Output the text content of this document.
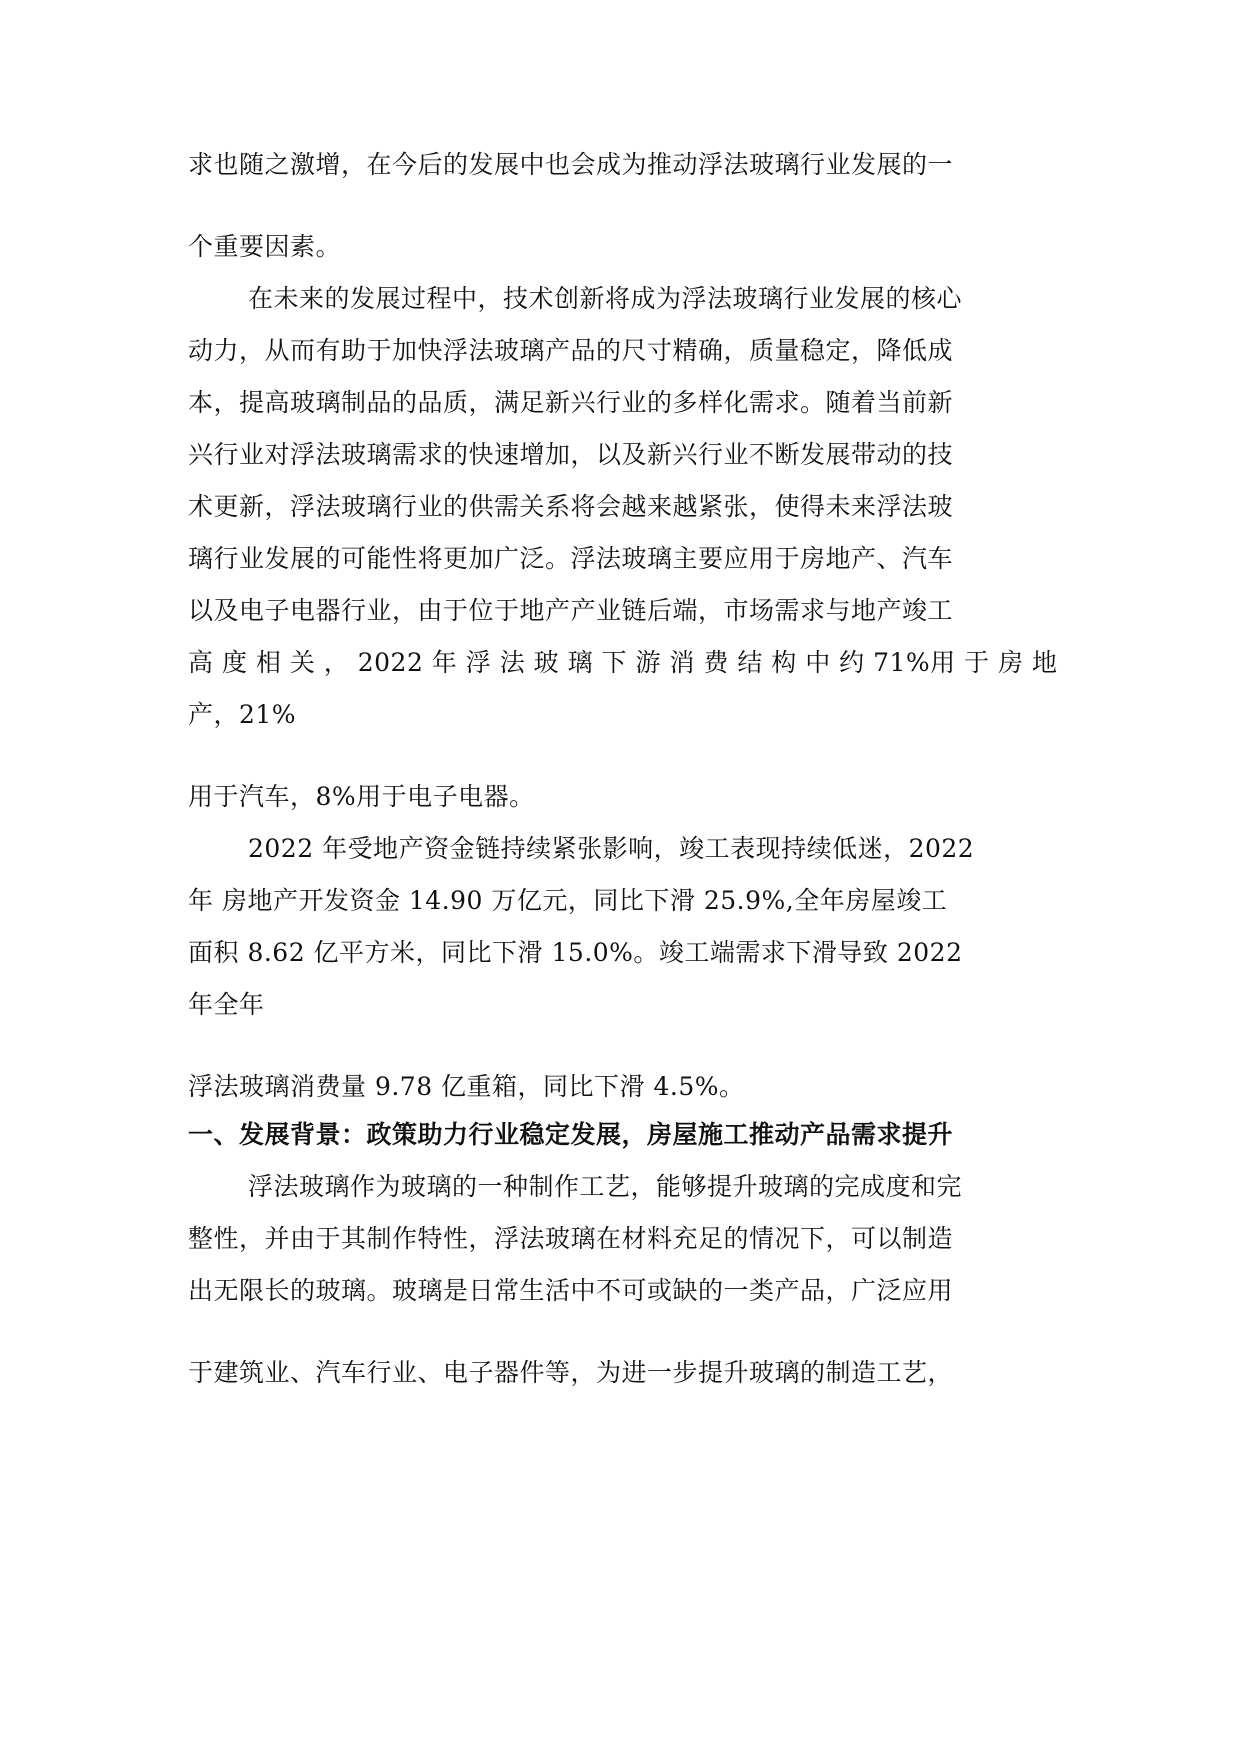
求也随之激增，在今后的发展中也会成为推动浮法玻璃行业发展的一

个重要因素。

在未来的发展过程中，技术创新将成为浮法玻璃行业发展的核心

动力，从而有助于加快浮法玻璃产品的尺寸精确，质量稳定，降低成

本，提高玻璃制品的品质，满足新兴行业的多样化需求。随着当前新

兴行业对浮法玻璃需求的快速增加，以及新兴行业不断发展带动的技

术更新，浮法玻璃行业的供需关系将会越来越紧张，使得未来浮法玻

璃行业发展的可能性将更加广泛。浮法玻璃主要应用于房地产、汽车

以及电子电器行业，由于位于地产产业链后端，市场需求与地产竣工

高 度 相 关 ， 2022 年 浮 法 玻 璃 下 游 消 费 结 构 中 约 71%用 于 房 地

产，21%

用于汽车，8%用于电子电器。

2022 年受地产资金链持续紧张影响，竣工表现持续低迷，2022

年 房地产开发资金 14.90 万亿元，同比下滑 25.9%,全年房屋竣工

面积 8.62 亿平方米，同比下滑 15.0%。竣工端需求下滑导致 2022

年全年

浮法玻璃消费量 9.78 亿重箱，同比下滑 4.5%。

一、发展背景：政策助力行业稳定发展，房屋施工推动产品需求提升

浮法玻璃作为玻璃的一种制作工艺，能够提升玻璃的完成度和完

整性，并由于其制作特性，浮法玻璃在材料充足的情况下，可以制造

出无限长的玻璃。玻璃是日常生活中不可或缺的一类产品，广泛应用

于建筑业、汽车行业、电子器件等，为进一步提升玻璃的制造工艺，
